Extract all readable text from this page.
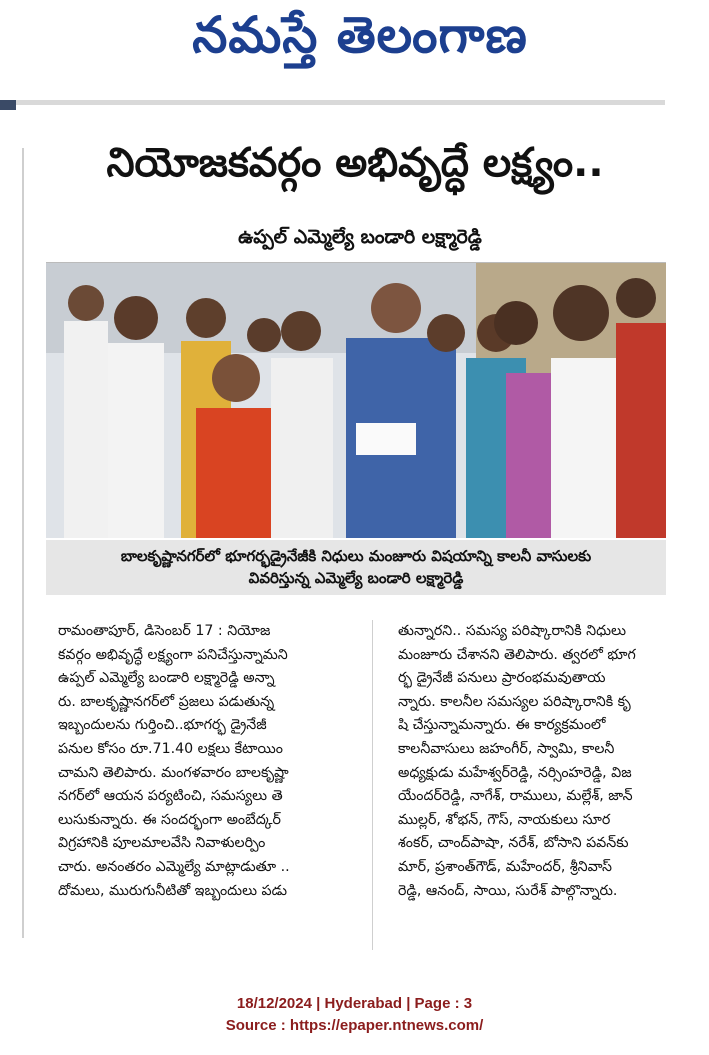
నమస్తే తెలంగాణ
నియోజకవర్గం అభివృద్ధే లక్ష్యం..
ఉప్పల్ ఎమ్మెల్యే బండారి లక్ష్మారెడ్డి
బాలకృష్ణానగర్‌లో భూగర్భడ్రైనేజీకి నిధులు మంజూరు విషయాన్ని కాలనీ వాసులకు
వివరిస్తున్న ఎమ్మెల్యే బండారి లక్ష్మారెడ్డి
రామంతాపూర్, డిసెంబర్ 17 : నియోజ
కవర్గం అభివృద్ధే లక్ష్యంగా పనిచేస్తున్నామని
ఉప్పల్ ఎమ్మెల్యే బండారి లక్ష్మారెడ్డి అన్నా
రు. బాలకృష్ణానగర్‌లో ప్రజలు పడుతున్న
ఇబ్బందులను గుర్తించి..భూగర్భ డ్రైనేజీ
పనుల కోసం రూ.71.40 లక్షలు కేటాయిం
చామని తెలిపారు. మంగళవారం బాలకృష్ణా
నగర్‌లో ఆయన పర్యటించి, సమస్యలు తె
లుసుకున్నారు. ఈ సందర్భంగా అంబేద్కర్
విగ్రహానికి పూలమాలవేసి నివాళులర్పిం
చారు. అనంతరం ఎమ్మెల్యే మాట్లాడుతూ ..
దోమలు, మురుగునీటితో ఇబ్బందులు పడు
తున్నారని.. సమస్య పరిష్కారానికి నిధులు
మంజూరు చేశానని తెలిపారు. త్వరలో భూగ
ర్భ డ్రైనేజీ పనులు ప్రారంభమవుతాయ
న్నారు. కాలనీల సమస్యల పరిష్కారానికి కృ
షి చేస్తున్నామన్నారు. ఈ కార్యక్రమంలో
కాలనీవాసులు జహంగీర్, స్వామి, కాలనీ
అధ్యక్షుడు మహేశ్వర్‌రెడ్డి, నర్సింహరెడ్డి, విజ
యేందర్‌రెడ్డి, నాగేశ్, రాములు, మల్లేశ్, జాన్
ముల్లర్, శోభన్, గౌస్, నాయకులు సూర
శంకర్, చాంద్‌పాషా, నరేశ్, బోసాని పవన్‌కు
మార్, ప్రశాంత్‌గౌడ్, మహేందర్, శ్రీనివాస్
రెడ్డి, ఆనంద్, సాయి, సురేశ్ పాల్గొన్నారు.
18/12/2024 | Hyderabad | Page : 3
Source : https://epaper.ntnews.com/
